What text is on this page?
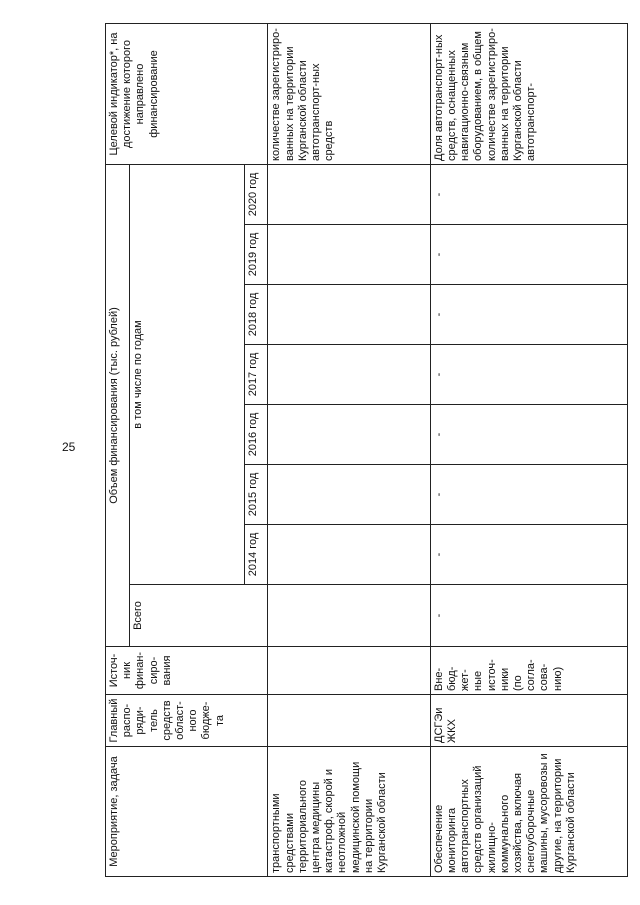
25
Мероприятие, задача	Главный распо-ряди-тель средств област-ного бюдже-та	Источ-ник финан-сиро-вания	Объем финансирования (тыс. рублей)								Целевой индикатор*, на достижение которого направлено финансирование
			Всего	в том числе по годам							
				2014 год	2015 год	2016 год	2017 год	2018 год	2019 год	2020 год	
транспортными средствами территориального центра медицины катастроф, скорой и неотложной медицинской помощи на территории Курганской области											количестве зарегистриро-ванных на территории Курганской области автотранспорт-ных средств
Обеспечение мониторинга автотранспортных средств организаций жилищно-коммунального хозяйства, включая снегоуборочные машины, мусоровозы и другие, на территории Курганской области	ДСГЭи ЖКХ	Вне-бюд-жет-ные источ-ники (по согла-сова-нию)	-	-	-	-	-	-	-	-	Доля автотранспорт-ных средств, оснащенных навигационно-связным оборудованием, в общем количестве зарегистриро-ванных на территории Курганской области автотранспорт-
